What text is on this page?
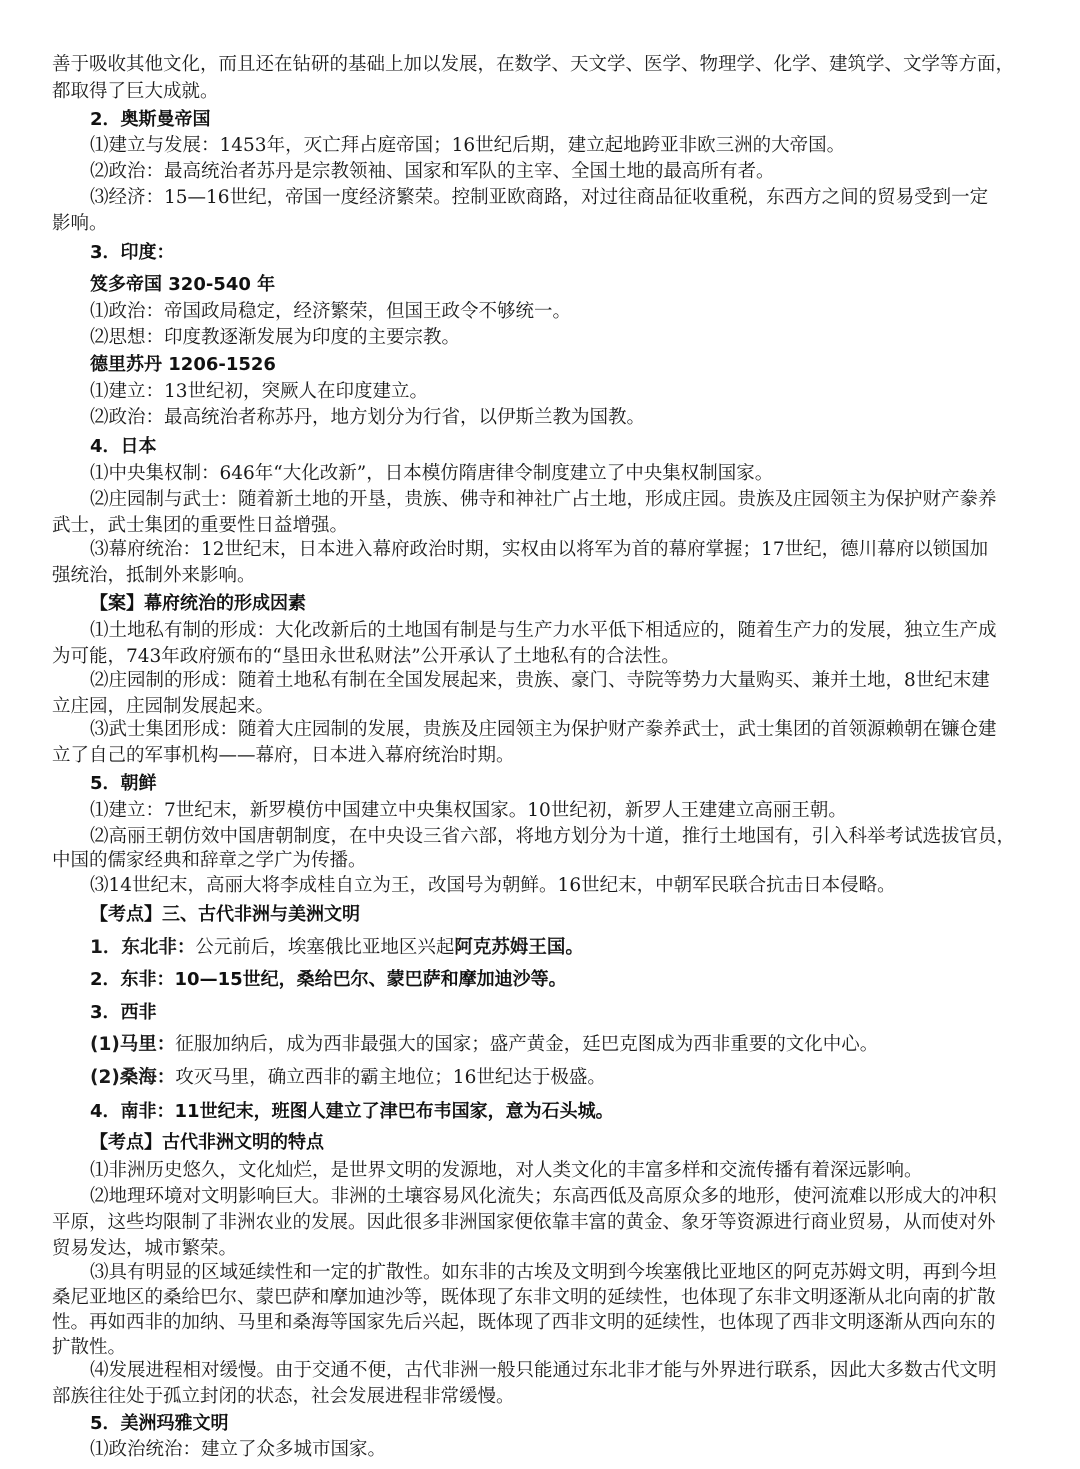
善于吸收其他文化，而且还在钻研的基础上加以发展，在数学、天文学、医学、物理学、化学、建筑学、文学等方面，
都取得了巨大成就。
2．奥斯曼帝国
⑴建立与发展：1453年，灭亡拜占庭帝国；16世纪后期，建立起地跨亚非欧三洲的大帝国。
⑵政治：最高统治者苏丹是宗教领袖、国家和军队的主宰、全国土地的最高所有者。
⑶经济：15—16世纪，帝国一度经济繁荣。控制亚欧商路，对过往商品征收重税，东西方之间的贸易受到一定
影响。
3．印度：
笈多帝国 320-540 年
⑴政治：帝国政局稳定，经济繁荣，但国王政令不够统一。
⑵思想：印度教逐渐发展为印度的主要宗教。
德里苏丹 1206-1526
⑴建立：13世纪初，突厥人在印度建立。
⑵政治：最高统治者称苏丹，地方划分为行省，以伊斯兰教为国教。
4．日本
⑴中央集权制：646年“大化改新”，日本模仿隋唐律令制度建立了中央集权制国家。
⑵庄园制与武士：随着新土地的开垦，贵族、佛寺和神社广占土地，形成庄园。贵族及庄园领主为保护财产豢养
武士，武士集团的重要性日益增强。
⑶幕府统治：12世纪末，日本进入幕府政治时期，实权由以将军为首的幕府掌握；17世纪，德川幕府以锁国加
强统治，抵制外来影响。
【案】幕府统治的形成因素
⑴土地私有制的形成：大化改新后的土地国有制是与生产力水平低下相适应的，随着生产力的发展，独立生产成
为可能，743年政府颁布的“垦田永世私财法”公开承认了土地私有的合法性。
⑵庄园制的形成：随着土地私有制在全国发展起来，贵族、豪门、寺院等势力大量购买、兼并土地，8世纪末建
立庄园，庄园制发展起来。
⑶武士集团形成：随着大庄园制的发展，贵族及庄园领主为保护财产豢养武士，武士集团的首领源赖朝在镰仓建
立了自己的军事机构——幕府，日本进入幕府统治时期。
5．朝鲜
⑴建立：7世纪末，新罗模仿中国建立中央集权国家。10世纪初，新罗人王建建立高丽王朝。
⑵高丽王朝仿效中国唐朝制度，在中央设三省六部，将地方划分为十道，推行土地国有，引入科举考试选拔官员，
中国的儒家经典和辞章之学广为传播。
⑶14世纪末，高丽大将李成桂自立为王，改国号为朝鲜。16世纪末，中朝军民联合抗击日本侵略。
【考点】三、古代非洲与美洲文明
1．东北非：公元前后，埃塞俄比亚地区兴起阿克苏姆王国。
2．东非：10—15世纪，桑给巴尔、蒙巴萨和摩加迪沙等。
3．西非
(1)马里：征服加纳后，成为西非最强大的国家；盛产黄金，廷巴克图成为西非重要的文化中心。
(2)桑海：攻灭马里，确立西非的霸主地位；16世纪达于极盛。
4．南非：11世纪末，班图人建立了津巴布韦国家，意为石头城。
【考点】古代非洲文明的特点
⑴非洲历史悠久，文化灿烂，是世界文明的发源地，对人类文化的丰富多样和交流传播有着深远影响。
⑵地理环境对文明影响巨大。非洲的土壤容易风化流失；东高西低及高原众多的地形，使河流难以形成大的冲积
平原，这些均限制了非洲农业的发展。因此很多非洲国家便依靠丰富的黄金、象牙等资源进行商业贸易，从而使对外
贸易发达，城市繁荣。
⑶具有明显的区域延续性和一定的扩散性。如东非的古埃及文明到今埃塞俄比亚地区的阿克苏姆文明，再到今坦
桑尼亚地区的桑给巴尔、蒙巴萨和摩加迪沙等，既体现了东非文明的延续性，也体现了东非文明逐渐从北向南的扩散
性。再如西非的加纳、马里和桑海等国家先后兴起，既体现了西非文明的延续性，也体现了西非文明逐渐从西向东的
扩散性。
⑷发展进程相对缓慢。由于交通不便，古代非洲一般只能通过东北非才能与外界进行联系，因此大多数古代文明
部族往往处于孤立封闭的状态，社会发展进程非常缓慢。
5．美洲玛雅文明
⑴政治统治：建立了众多城市国家。
